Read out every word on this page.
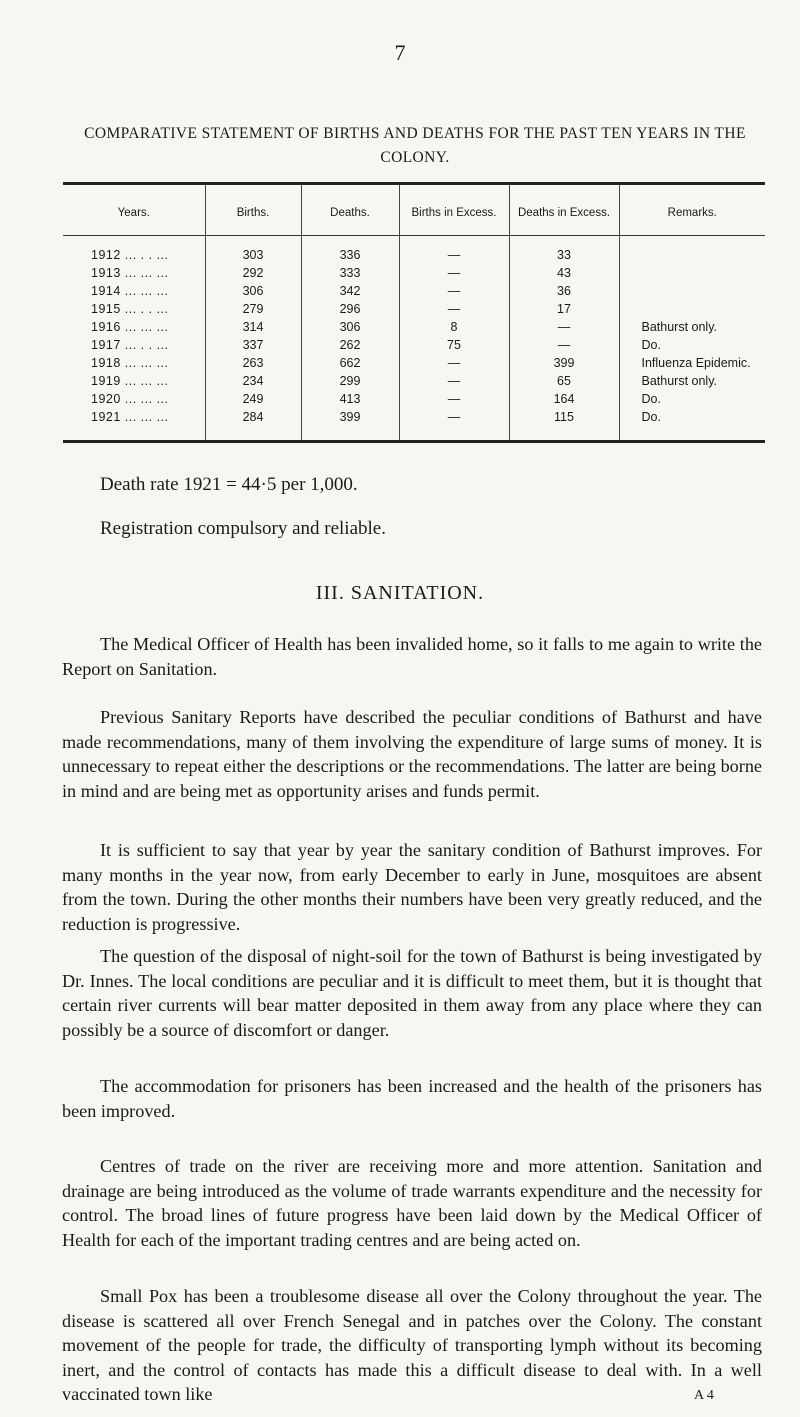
7
COMPARATIVE STATEMENT OF BIRTHS AND DEATHS FOR THE PAST TEN YEARS IN THE COLONY.
Years.	Births.	Deaths.	Births in Excess.	Deaths in Excess.	Remarks.
1912 ... . . ...	303	336	—	33	
1913 ... ... ...	292	333	—	43	
1914 ... ... ...	306	342	—	36	
1915 ... . . ...	279	296	—	17	
1916 ... ... ...	314	306	8	—	Bathurst only.
1917 ... . . ...	337	262	75	—	Do.
1918 ... ... ...	263	662	—	399	Influenza Epidemic.
1919 ... ... ...	234	299	—	65	Bathurst only.
1920 ... ... ...	249	413	—	164	Do.
1921 ... ... ...	284	399	—	115	Do.
Death rate 1921 = 44·5 per 1,000.
Registration compulsory and reliable.
III. SANITATION.

The Medical Officer of Health has been invalided home, so it falls to me again to write the Report on Sanitation.

Previous Sanitary Reports have described the peculiar conditions of Bathurst and have made recommendations, many of them involving the expenditure of large sums of money. It is unnecessary to repeat either the descriptions or the recommendations. The latter are being borne in mind and are being met as opportunity arises and funds permit.

It is sufficient to say that year by year the sanitary condition of Bathurst improves. For many months in the year now, from early December to early in June, mosquitoes are absent from the town. During the other months their numbers have been very greatly reduced, and the reduction is progressive.

The question of the disposal of night-soil for the town of Bathurst is being investigated by Dr. Innes. The local conditions are peculiar and it is difficult to meet them, but it is thought that certain river currents will bear matter deposited in them away from any place where they can possibly be a source of discomfort or danger.

The accommodation for prisoners has been increased and the health of the prisoners has been improved.

Centres of trade on the river are receiving more and more attention. Sanitation and drainage are being introduced as the volume of trade warrants expenditure and the necessity for control. The broad lines of future progress have been laid down by the Medical Officer of Health for each of the important trading centres and are being acted on.

Small Pox has been a troublesome disease all over the Colony throughout the year. The disease is scattered all over French Senegal and in patches over the Colony. The constant movement of the people for trade, the difficulty of transporting lymph without its becoming inert, and the control of contacts has made this a difficult disease to deal with. In a well vaccinated town like	A 4
